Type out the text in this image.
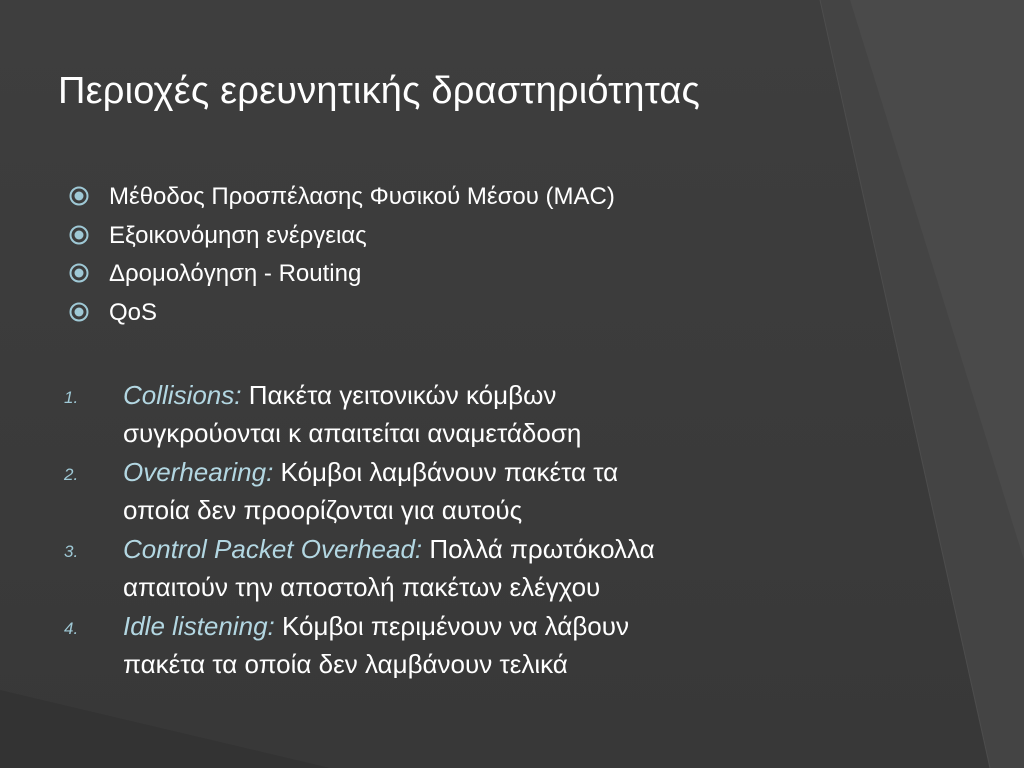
Περιοχές ερευνητικής δραστηριότητας
Μέθοδος Προσπέλασης Φυσικού Μέσου (MAC)
Εξοικονόμηση ενέργειας
Δρομολόγηση - Routing
QoS
1. Collisions: Πακέτα γειτονικών κόμβων
συγκρούονται κ απαιτείται αναμετάδοση
2. Overhearing: Κόμβοι λαμβάνουν πακέτα τα
οποία δεν προορίζονται για αυτούς
3. Control Packet Overhead: Πολλά πρωτόκολλα
απαιτούν την αποστολή πακέτων ελέγχου
4. Idle listening: Κόμβοι περιμένουν να λάβουν
πακέτα τα οποία δεν λαμβάνουν τελικά
